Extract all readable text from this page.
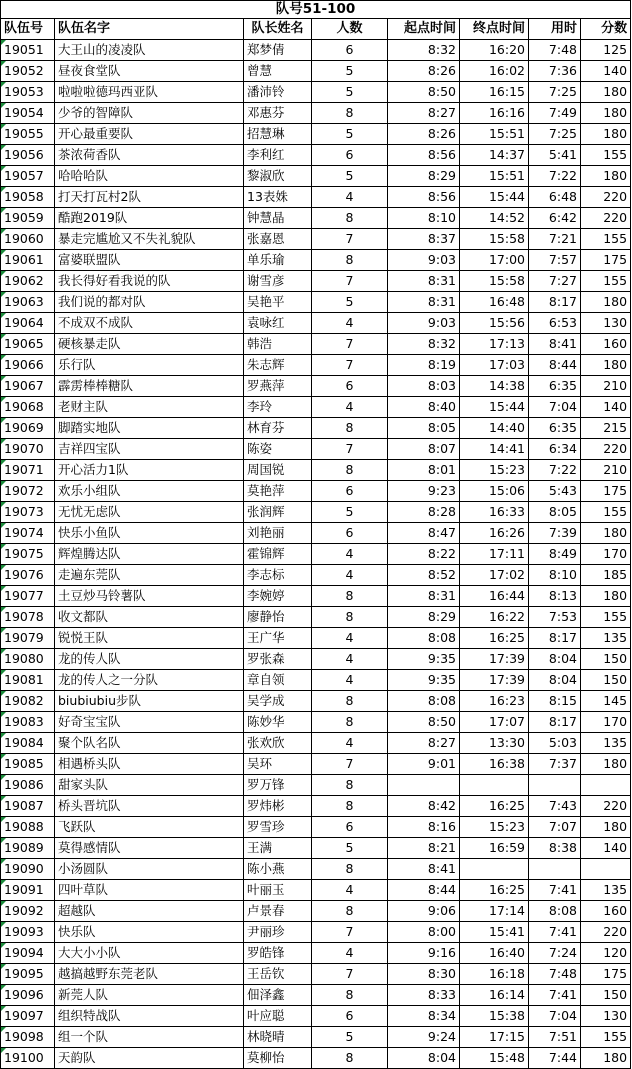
队号51-100							
队伍号	队伍名字	队长姓名	人数	起点时间	终点时间	用时	分数
19051	大王山的凌凌队	郑梦倩	6	8:32	16:20	7:48	125
19052	昼夜食堂队	曾慧	5	8:26	16:02	7:36	140
19053	啦啦啦德玛西亚队	潘沛铃	5	8:50	16:15	7:25	180
19054	少爷的智障队	邓惠芬	8	8:27	16:16	7:49	180
19055	开心最重要队	招慧琳	5	8:26	15:51	7:25	180
19056	茶浓荷香队	李利红	6	8:56	14:37	5:41	155
19057	哈哈哈队	黎淑欣	5	8:29	15:51	7:22	180
19058	打天打瓦村2队	13表姝	4	8:56	15:44	6:48	220
19059	酷跑2019队	钟慧晶	8	8:10	14:52	6:42	220
19060	暴走完尴尬又不失礼貌队	张嘉恩	7	8:37	15:58	7:21	155
19061	富婆联盟队	单乐瑜	8	9:03	17:00	7:57	175
19062	我长得好看我说的队	谢雪彦	7	8:31	15:58	7:27	155
19063	我们说的都对队	吴艳平	5	8:31	16:48	8:17	180
19064	不成双不成队	袁咏红	4	9:03	15:56	6:53	130
19065	硬核暴走队	韩浩	7	8:32	17:13	8:41	160
19066	乐行队	朱志辉	7	8:19	17:03	8:44	180
19067	霹雳棒棒糖队	罗燕萍	6	8:03	14:38	6:35	210
19068	老财主队	李玲	4	8:40	15:44	7:04	140
19069	脚踏实地队	林育芬	8	8:05	14:40	6:35	215
19070	吉祥四宝队	陈姿	7	8:07	14:41	6:34	220
19071	开心活力1队	周国锐	8	8:01	15:23	7:22	210
19072	欢乐小组队	莫艳萍	6	9:23	15:06	5:43	175
19073	无忧无虑队	张润辉	5	8:28	16:33	8:05	155
19074	快乐小鱼队	刘艳丽	6	8:47	16:26	7:39	180
19075	辉煌腾达队	霍锦辉	4	8:22	17:11	8:49	170
19076	走遍东莞队	李志标	4	8:52	17:02	8:10	185
19077	土豆炒马铃薯队	李婉婷	8	8:31	16:44	8:13	180
19078	收文都队	廖静怡	8	8:29	16:22	7:53	155
19079	锐悦王队	王广华	4	8:08	16:25	8:17	135
19080	龙的传人队	罗张森	4	9:35	17:39	8:04	150
19081	龙的传人之一分队	章自领	4	9:35	17:39	8:04	150
19082	biubiubiu步队	吴学成	8	8:08	16:23	8:15	145
19083	好奇宝宝队	陈妙华	8	8:50	17:07	8:17	170
19084	聚个队名队	张欢欣	4	8:27	13:30	5:03	135
19085	相遇桥头队	吴环	7	9:01	16:38	7:37	180
19086	甜家头队	罗万锋	8				
19087	桥头晋坑队	罗炜彬	8	8:42	16:25	7:43	220
19088	飞跃队	罗雪珍	6	8:16	15:23	7:07	180
19089	莫得感情队	王满	5	8:21	16:59	8:38	140
19090	小汤圆队	陈小燕	8	8:41			
19091	四叶草队	叶丽玉	4	8:44	16:25	7:41	135
19092	超越队	卢景春	8	9:06	17:14	8:08	160
19093	快乐队	尹丽珍	7	8:00	15:41	7:41	220
19094	大大小小队	罗皓锋	4	9:16	16:40	7:24	120
19095	越搞越野东莞老队	王岳钦	7	8:30	16:18	7:48	175
19096	新莞人队	佃泽鑫	8	8:33	16:14	7:41	150
19097	组织特战队	叶应聪	6	8:34	15:38	7:04	130
19098	组一个队	林晓晴	5	9:24	17:15	7:51	155
19100	天韵队	莫柳怡	8	8:04	15:48	7:44	180
